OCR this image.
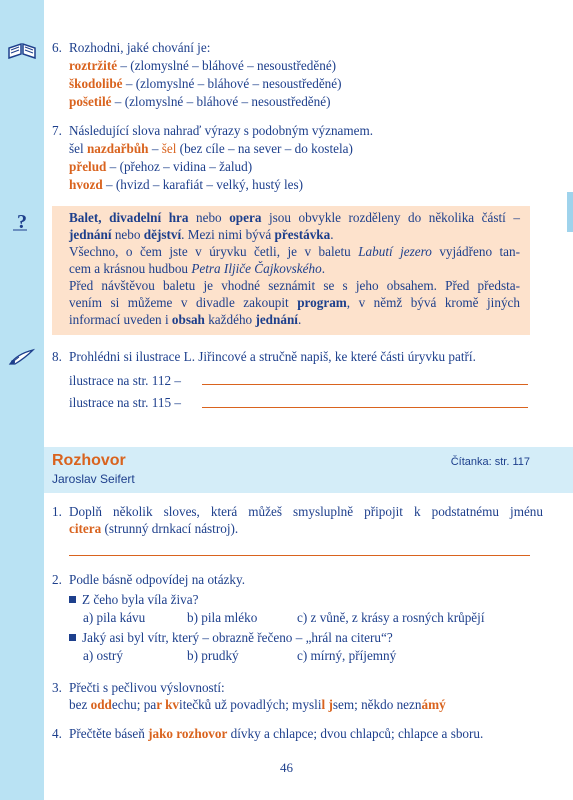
?
6. Rozhodni, jaké chování je:
roztržité – (zlomyslné – bláhové – nesoustředěné)
škodolibé – (zlomyslné – bláhové – nesoustředěné)
pošetilé – (zlomyslné – bláhové – nesoustředěné)
7. Následující slova nahraď výrazy s podobným významem.
šel nazdařbůh – šel (bez cíle – na sever – do kostela)
přelud – (přehoz – vidina – žalud)
hvozd – (hvizd – karafiát – velký, hustý les)
Balet, divadelní hra nebo opera jsou obvykle rozděleny do několika částí –
jednání nebo dějství. Mezi nimi bývá přestávka.
Všechno, o čem jste v úryvku četli, je v baletu Labutí jezero vyjádřeno tan-
cem a krásnou hudbou Petra Iljiče Čajkovského.
Před návštěvou baletu je vhodné seznámit se s jeho obsahem. Před předsta-
vením si můžeme v divadle zakoupit program, v němž bývá kromě jiných
informací uveden i obsah každého jednání.
8. Prohlédni si ilustrace L. Jiřincové a stručně napiš, ke které části úryvku patří.
ilustrace na str. 112 –
ilustrace na str. 115 –
Rozhovor
Jaroslav Seifert
Čítanka: str. 117
1. Doplň několik sloves, která můžeš smysluplně připojit k podstatnému jménu
citera (strunný drnkací nástroj).
2. Podle básně odpovídej na otázky.
Z čeho byla víla živa?
a) pila kávu	b) pila mléko	c) z vůně, z krásy a rosných krůpějí
Jaký asi byl vítr, který – obrazně řečeno – „hrál na citeru“?
a) ostrý	b) prudký	c) mírný, příjemný
3. Přečti s pečlivou výslovností:
bez oddechu; par kvitečků už povadlých; myslil jsem; někdo neznámý
4. Přečtěte báseň jako rozhovor dívky a chlapce; dvou chlapců; chlapce a sboru.
46
